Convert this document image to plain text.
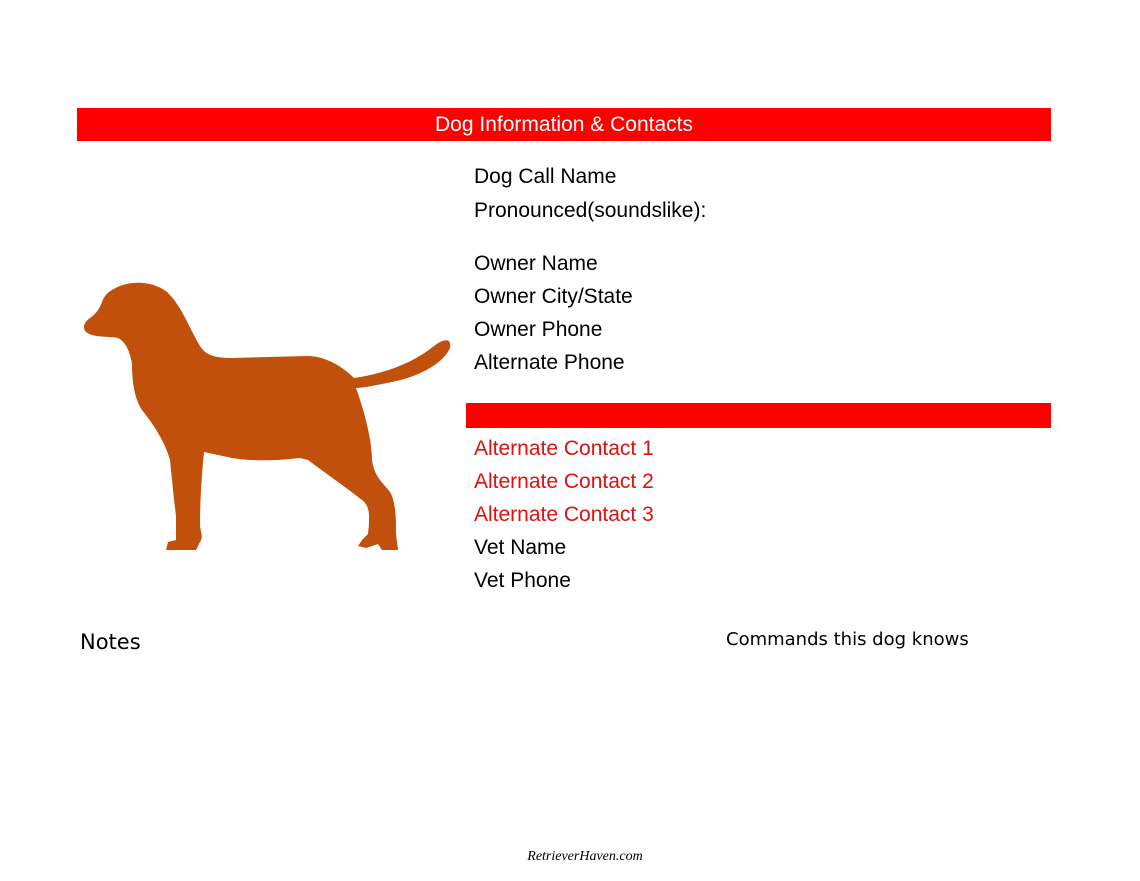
Dog Information & Contacts
Dog Call Name
Pronounced(soundslike):
Owner Name
Owner City/State
Owner Phone
Alternate Phone
Alternate Contact 1
Alternate Contact 2
Alternate Contact 3
Vet Name
Vet Phone
Notes	Commands this dog knows
RetrieverHaven.com
